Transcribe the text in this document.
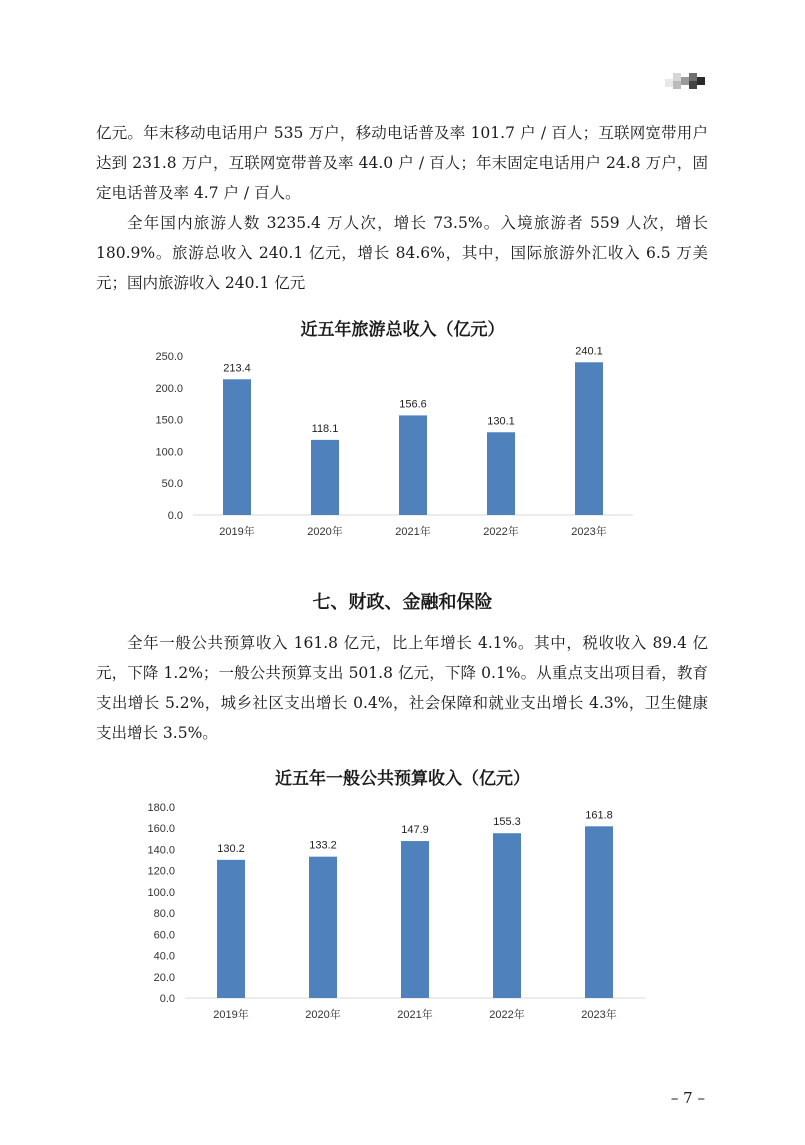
亿元。年末移动电话用户 535 万户，移动电话普及率 101.7 户 / 百人；互联网宽带用户达到 231.8 万户，互联网宽带普及率 44.0 户 / 百人；年末固定电话用户 24.8 万户，固定电话普及率 4.7 户 / 百人。

全年国内旅游人数 3235.4 万人次，增长 73.5%。入境旅游者 559 人次，增长 180.9%。旅游总收入 240.1 亿元，增长 84.6%，其中，国际旅游外汇收入 6.5 万美元；国内旅游收入 240.1 亿元

近五年旅游总收入（亿元）
0.0
50.0
100.0
150.0
200.0
250.0
213.4
2019年
118.1
2020年
156.6
2021年
130.1
2022年
240.1
2023年
七、财政、金融和保险

全年一般公共预算收入 161.8 亿元，比上年增长 4.1%。其中，税收收入 89.4 亿元，下降 1.2%；一般公共预算支出 501.8 亿元，下降 0.1%。从重点支出项目看，教育支出增长 5.2%，城乡社区支出增长 0.4%，社会保障和就业支出增长 4.3%，卫生健康支出增长 3.5%。

近五年一般公共预算收入（亿元）
0.0
20.0
40.0
60.0
80.0
100.0
120.0
140.0
160.0
180.0
130.2
2019年
133.2
2020年
147.9
2021年
155.3
2022年
161.8
2023年
– 7 –
